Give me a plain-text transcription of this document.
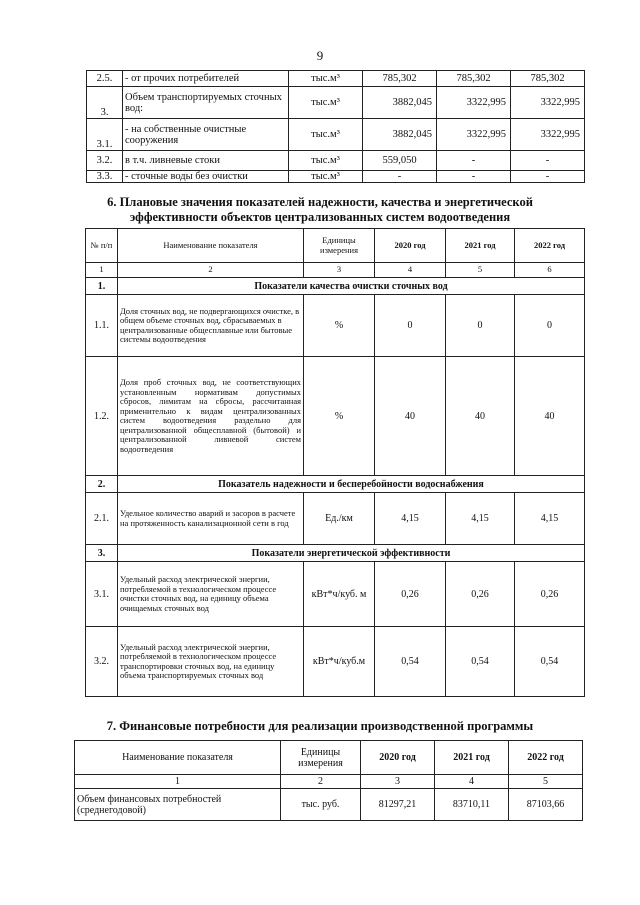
9
2.5.	- от прочих потребителей	тыс.м³	785,302	785,302	785,302
3.	Объем транспортируемых сточных вод:	тыс.м³	3882,045	3322,995	3322,995
3.1.	- на собственные очистные сооружения	тыс.м³	3882,045	3322,995	3322,995
3.2.	в т.ч. ливневые стоки	тыс.м³	559,050	-	-
3.3.	- сточные воды без очистки	тыс.м³	-	-	-
6. Плановые значения показателей надежности, качества и энергетической
эффективности объектов централизованных систем водоотведения
№ п/п	Наименование показателя	Единицы измерения	2020 год	2021 год	2022 год
1	2	3	4	5	6
1.	Показатели качества очистки сточных вод				
1.1.	Доля сточных вод, не подвергающихся очистке, в общем объеме сточных вод, сбрасываемых в централизованные общесплавные или бытовые системы водоотведения	%	0	0	0
1.2.	Доля проб сточных вод, не соответствующих установленным нормативам допустимых сбросов, лимитам на сбросы, рассчитанная применительно к видам централизованных систем водоотведения раздельно для централизованной общесплавной (бытовой) и централизованной ливневой систем водоотведения	%	40	40	40
2.	Показатель надежности и бесперебойности водоснабжения				
2.1.	Удельное количество аварий и засоров в расчете на протяженность канализационной сети в год	Ед./км	4,15	4,15	4,15
3.	Показатели энергетической эффективности				
3.1.	Удельный расход электрической энергии, потребляемой в технологическом процессе очистки сточных вод, на единицу объема очищаемых сточных вод	кВт*ч/куб. м	0,26	0,26	0,26
3.2.	Удельный расход электрической энергии, потребляемой в технологическом процессе транспортировки сточных вод, на единицу объема транспортируемых сточных вод	кВт*ч/куб.м	0,54	0,54	0,54
7. Финансовые потребности для реализации производственной программы
Наименование показателя	Единицы измерения	2020 год	2021 год	2022 год
1	2	3	4	5
Объем финансовых потребностей (среднегодовой)	тыс. руб.	81297,21	83710,11	87103,66
